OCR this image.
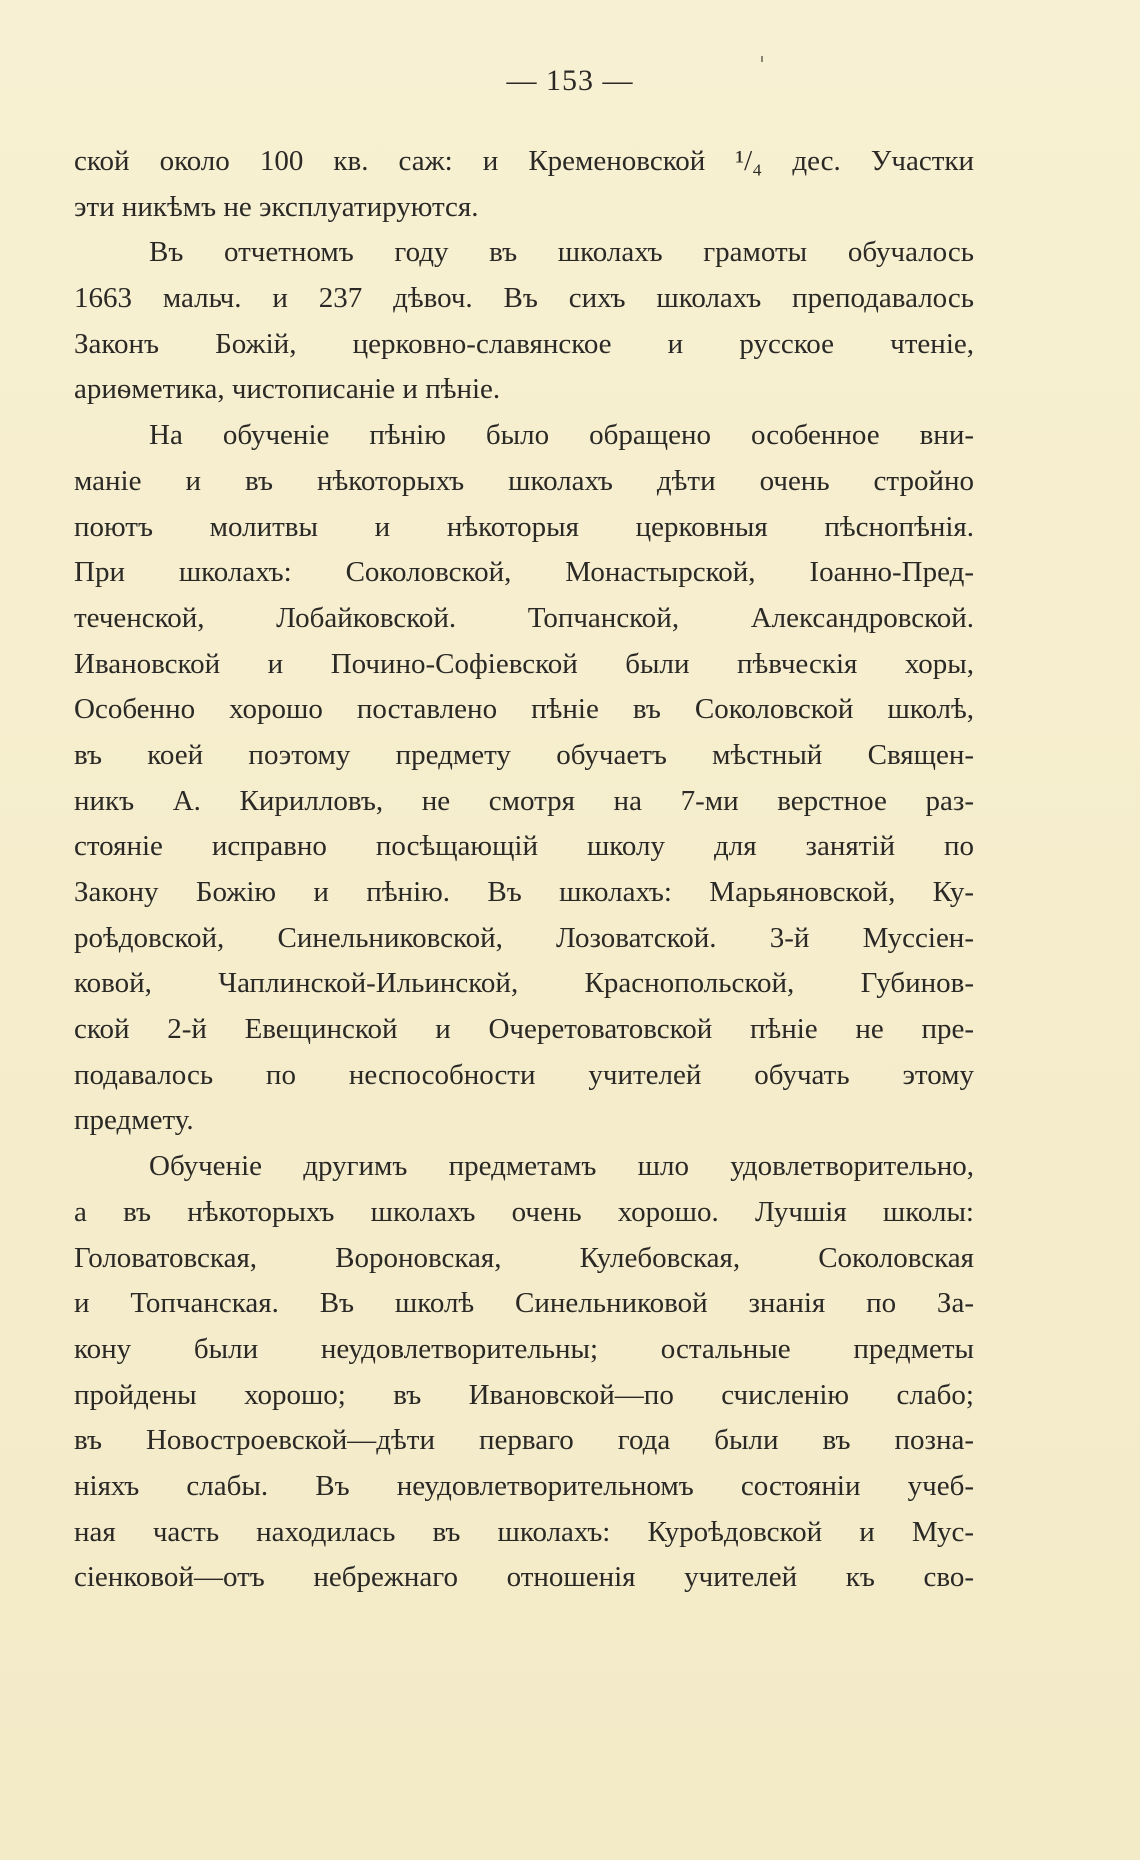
— 153 —
ской около 100 кв. саж: и Кременовской ¹/₄ дес. Участки
эти никѣмъ не эксплуатируются.
Въ отчетномъ году въ школахъ грамоты обучалось
1663 мальч. и 237 дѣвоч. Въ сихъ школахъ преподавалось
Законъ Божій, церковно-славянское и русское чтеніе,
ариѳметика, чистописаніе и пѣніе.
На обученіе пѣнію было обращено особенное вни-
маніе и въ нѣкоторыхъ школахъ дѣти очень стройно
поютъ молитвы и нѣкоторыя церковныя пѣснопѣнія.
При школахъ: Соколовской, Монастырской, Іоанно-Пред-
теченской, Лобайковской. Топчанской, Александровской.
Ивановской и Почино-Софіевской были пѣвческія хоры,
Особенно хорошо поставлено пѣніе въ Соколовской школѣ,
въ коей поэтому предмету обучаетъ мѣстный Священ-
никъ А. Кирилловъ, не смотря на 7-ми верстное раз-
стояніе исправно посѣщающій школу для занятій по
Закону Божію и пѣнію. Въ школахъ: Марьяновской, Ку-
роѣдовской, Синельниковской, Лозоватской. 3-й Муссіен-
ковой, Чаплинской-Ильинской, Краснопольской, Губинов-
ской 2-й Евещинской и Очеретоватовской пѣніе не пре-
подавалось по неспособности учителей обучать этому
предмету.
Обученіе другимъ предметамъ шло удовлетворительно,
а въ нѣкоторыхъ школахъ очень хорошо. Лучшія школы:
Головатовская, Вороновская, Кулебовская, Соколовская
и Топчанская. Въ школѣ Синельниковой знанія по За-
кону были неудовлетворительны; остальные предметы
пройдены хорошо; въ Ивановской—по счисленію слабо;
въ Новостроевской—дѣти перваго года были въ позна-
ніяхъ слабы. Въ неудовлетворительномъ состояніи учеб-
ная часть находилась въ школахъ: Куроѣдовской и Мус-
сіенковой—отъ небрежнаго отношенія учителей къ сво-
